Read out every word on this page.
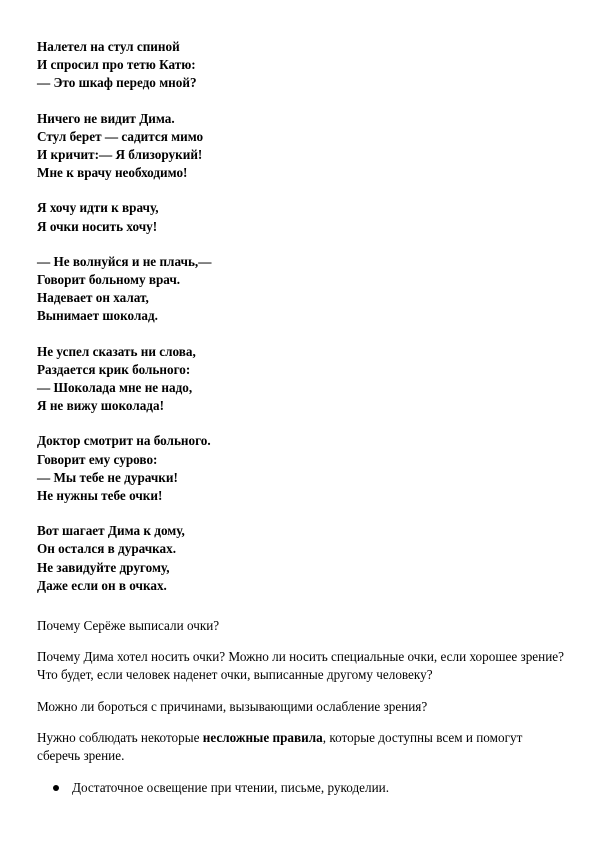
Налетел на стул спиной
И спросил про тетю Катю:
— Это шкаф передо мной?
Ничего не видит Дима.
Стул берет — садится мимо
И кричит:— Я близорукий!
Мне к врачу необходимо!
Я хочу идти к врачу,
Я очки носить хочу!
— Не волнуйся и не плачь,—
Говорит больному врач.
Надевает он халат,
Вынимает шоколад.
Не успел сказать ни слова,
Раздается крик больного:
— Шоколада мне не надо,
Я не вижу шоколада!
Доктор смотрит на больного.
Говорит ему сурово:
— Мы тебе не дурачки!
Не нужны тебе очки!
Вот шагает Дима к дому,
Он остался в дурачках.
Не завидуйте другому,
Даже если он в очках.

Почему Серёже выписали очки?

Почему Дима хотел носить очки? Можно ли носить специальные очки, если хорошее зрение? Что будет, если человек наденет очки, выписанные другому человеку?

Можно ли бороться с причинами, вызывающими ослабление зрения?

Нужно соблюдать некоторые несложные правила, которые доступны всем и помогут сберечь зрение.

Достаточное освещение при чтении, письме, рукоделии.
